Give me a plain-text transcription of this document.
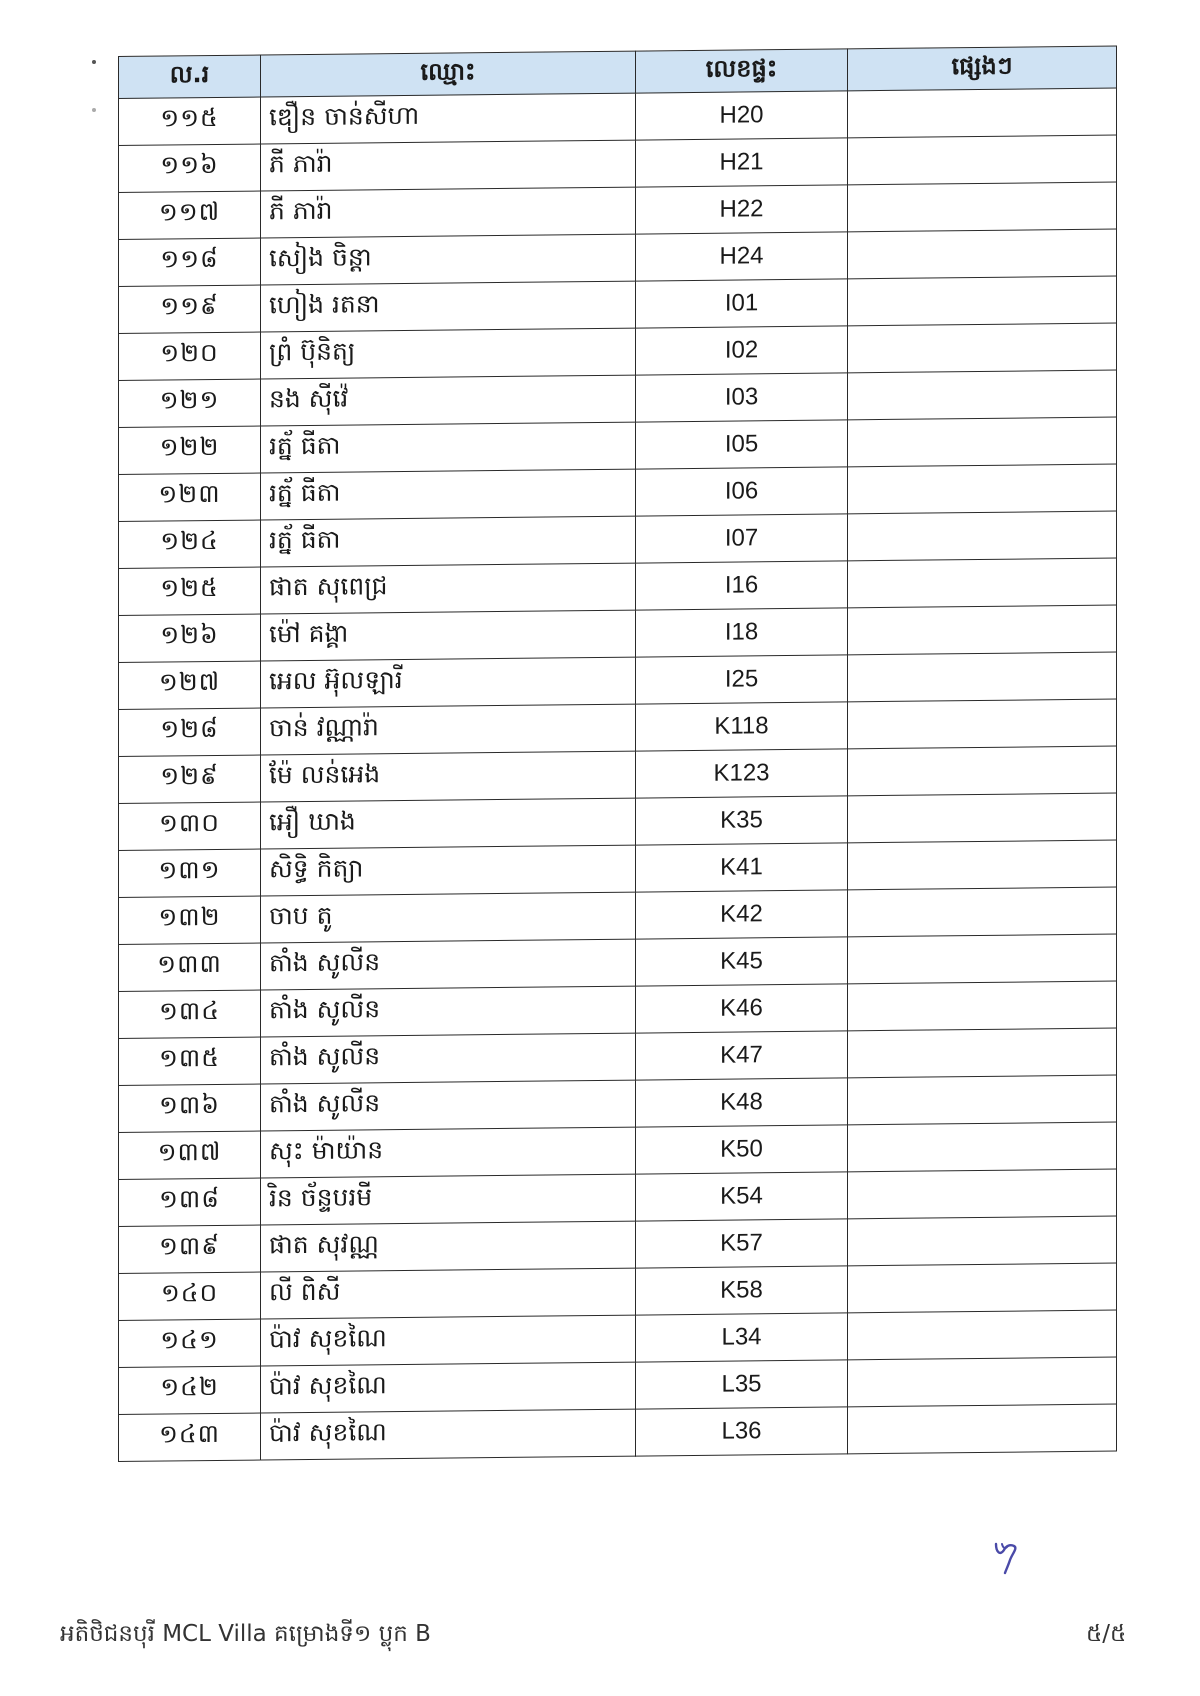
ល.រ	ឈ្មោះ	លេខផ្ទះ	ផ្សេងៗ
១១៥	ឌឿន ចាន់សីហា	H20	
១១៦	ភី ភារ៉ា	H21	
១១៧	ភី ភារ៉ា	H22	
១១៨	សៀង ចិន្តា	H24	
១១៩	ហៀង រតនា	I01	
១២០	ព្រំ ប៊ុនិត្យ	I02	
១២១	នង ស៊ីវ៉េ	I03	
១២២	រត្ន័ ធីតា	I05	
១២៣	រត្ន័ ធីតា	I06	
១២៤	រត្ន័ ធីតា	I07	
១២៥	ផាត សុពេជ្រ	I16	
១២៦	ម៉ៅ គង្គា	I18	
១២៧	អេល អ៊ុលឡារី	I25	
១២៨	ចាន់ វណ្ណារ៉ា	K118	
១២៩	ម៉ែ លន់អេង	K123	
១៣០	អឿ ឃាង	K35	
១៣១	សិទ្ធិ កិត្យា	K41	
១៣២	ចាប តូ	K42	
១៣៣	តាំង សូលីន	K45	
១៣៤	តាំង សូលីន	K46	
១៣៥	តាំង សូលីន	K47	
១៣៦	តាំង សូលីន	K48	
១៣៧	សុះ ម៉ាយ៉ាន	K50	
១៣៨	រិន ច័ន្ទបរមី	K54	
១៣៩	ផាត សុវណ្ណ	K57	
១៤០	លី ពិសី	K58	
១៤១	ប៉ាវ សុខណៃ	L34	
១៤២	ប៉ាវ សុខណៃ	L35	
១៤៣	ប៉ាវ សុខណៃ	L36	
អតិថិជនបុរី MCL Villa គម្រោងទី១ ប្លុក B	៥/៥
